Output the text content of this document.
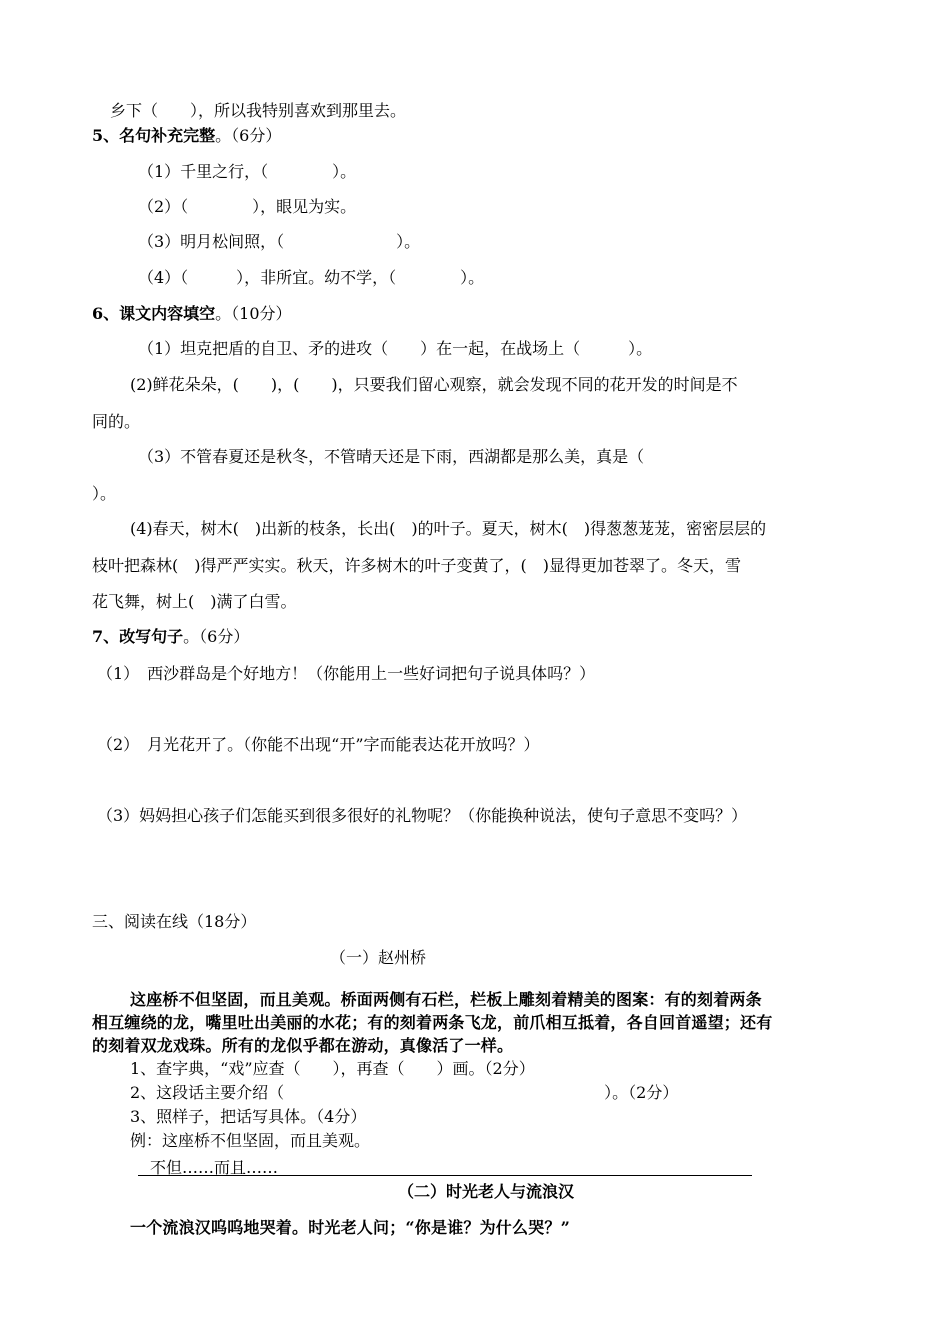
乡下（　　），所以我特别喜欢到那里去。
5、名句补充完整。（6分）
（1）千里之行，（　　　　）。
（2）（　　　　），眼见为实。
（3）明月松间照，（　　　　　　　）。
（4）（　　　），非所宜。幼不学，（　　　　）。
6、课文内容填空。（10分）
（1）坦克把盾的自卫、矛的进攻（　　）在一起，在战场上（　　　）。
(2)鲜花朵朵，(　　)，(　　)，只要我们留心观察，就会发现不同的花开发的时间是不
同的。
（3）不管春夏还是秋冬，不管晴天还是下雨，西湖都是那么美，真是（
）。
(4)春天，树木(　)出新的枝条，长出(　)的叶子。夏天，树木(　)得葱葱茏茏，密密层层的
枝叶把森林(　)得严严实实。秋天，许多树木的叶子变黄了，(　)显得更加苍翠了。冬天，雪
花飞舞，树上(　)满了白雪。
7、改写句子。（6分）
（1）　西沙群岛是个好地方！（你能用上一些好词把句子说具体吗？）
（2）　月光花开了。（你能不出现“开”字而能表达花开放吗？）
（3）妈妈担心孩子们怎能买到很多很好的礼物呢？（你能换种说法，使句子意思不变吗？）
三、阅读在线（18分）
（一）赵州桥
这座桥不但坚固，而且美观。桥面两侧有石栏，栏板上雕刻着精美的图案：有的刻着两条
相互缠绕的龙，嘴里吐出美丽的水花；有的刻着两条飞龙，前爪相互抵着，各自回首遥望；还有
的刻着双龙戏珠。所有的龙似乎都在游动，真像活了一样。
1、查字典，“戏”应查（　　），再查（　　）画。（2分）
2、这段话主要介绍（　　　　　　　　　　　　　　　　　　　　）。（2分）
3、照样子，把话写具体。（4分）
例：这座桥不但坚固，而且美观。
不但……而且……
（二）时光老人与流浪汉
一个流浪汉呜呜地哭着。时光老人问；“你是谁？为什么哭？”
